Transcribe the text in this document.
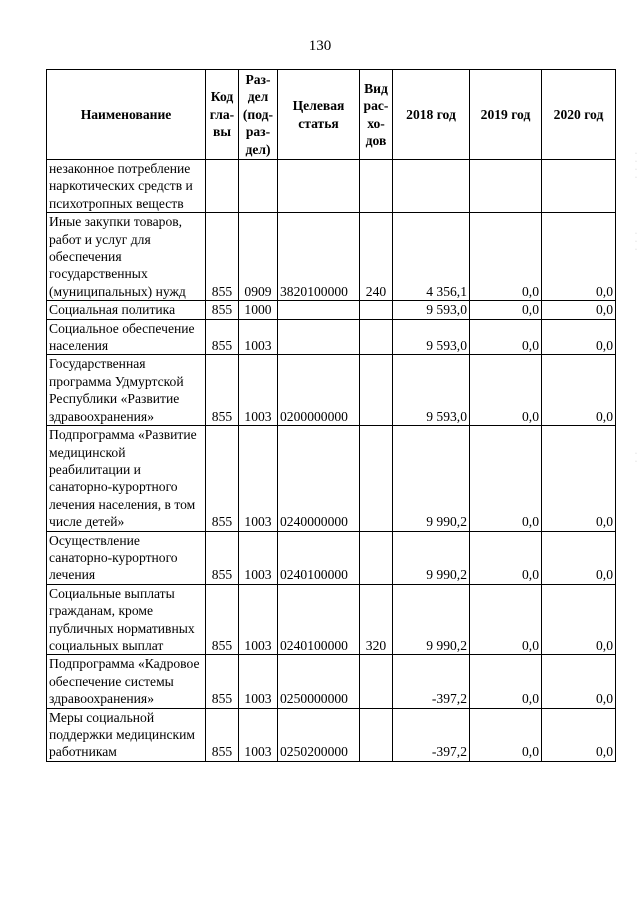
130
Наименование	Код гла- вы	Раз- дел (под- раз- дел)	Целевая статья	Вид рас- хо- дов	2018 год	2019 год	2020 год
незаконное потребление наркотических средств и психотропных веществ							
Иные закупки товаров, работ и услуг для обеспечения государственных (муниципальных) нужд	855	0909	3820100000	240	4 356,1	0,0	0,0
Социальная политика	855	1000			9 593,0	0,0	0,0
Социальное обеспечение населения	855	1003			9 593,0	0,0	0,0
Государственная программа Удмуртской Республики «Развитие здравоохранения»	855	1003	0200000000		9 593,0	0,0	0,0
Подпрограмма «Развитие медицинской реабилитации и санаторно-курортного лечения населения, в том числе детей»	855	1003	0240000000		9 990,2	0,0	0,0
Осуществление санаторно-курортного лечения	855	1003	0240100000		9 990,2	0,0	0,0
Социальные выплаты гражданам, кроме публичных нормативных социальных выплат	855	1003	0240100000	320	9 990,2	0,0	0,0
Подпрограмма «Кадровое обеспечение системы здравоохранения»	855	1003	0250000000		-397,2	0,0	0,0
Меры социальной поддержки медицинским работникам	855	1003	0250200000		-397,2	0,0	0,0
·
·
·
·
·
·
·
·
·
